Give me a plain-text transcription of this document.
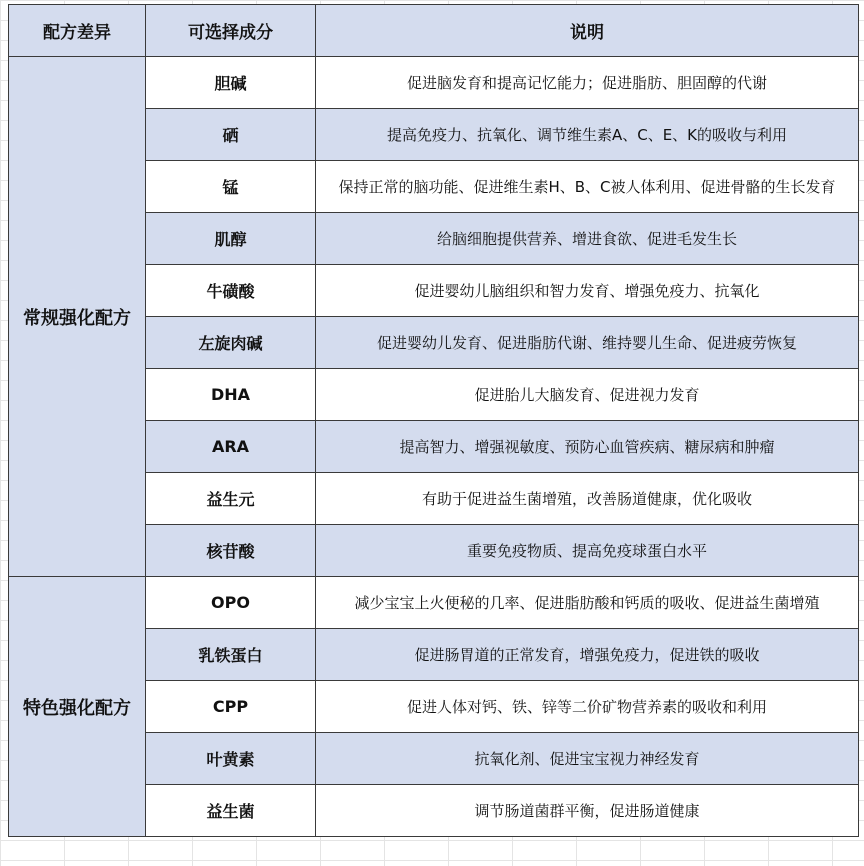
配方差异	可选择成分	说明
常规强化配方	胆碱	促进脑发育和提高记忆能力；促进脂肪、胆固醇的代谢
	硒	提高免疫力、抗氧化、调节维生素A、C、E、K的吸收与利用
	锰	保持正常的脑功能、促进维生素H、B、C被人体利用、促进骨骼的生长发育
	肌醇	给脑细胞提供营养、增进食欲、促进毛发生长
	牛磺酸	促进婴幼儿脑组织和智力发育、增强免疫力、抗氧化
	左旋肉碱	促进婴幼儿发育、促进脂肪代谢、维持婴儿生命、促进疲劳恢复
	DHA	促进胎儿大脑发育、促进视力发育
	ARA	提高智力、增强视敏度、预防心血管疾病、糖尿病和肿瘤
	益生元	有助于促进益生菌增殖，改善肠道健康，优化吸收
	核苷酸	重要免疫物质、提高免疫球蛋白水平
特色强化配方	OPO	减少宝宝上火便秘的几率、促进脂肪酸和钙质的吸收、促进益生菌增殖
	乳铁蛋白	促进肠胃道的正常发育，增强免疫力，促进铁的吸收
	CPP	促进人体对钙、铁、锌等二价矿物营养素的吸收和利用
	叶黄素	抗氧化剂、促进宝宝视力神经发育
	益生菌	调节肠道菌群平衡，促进肠道健康
